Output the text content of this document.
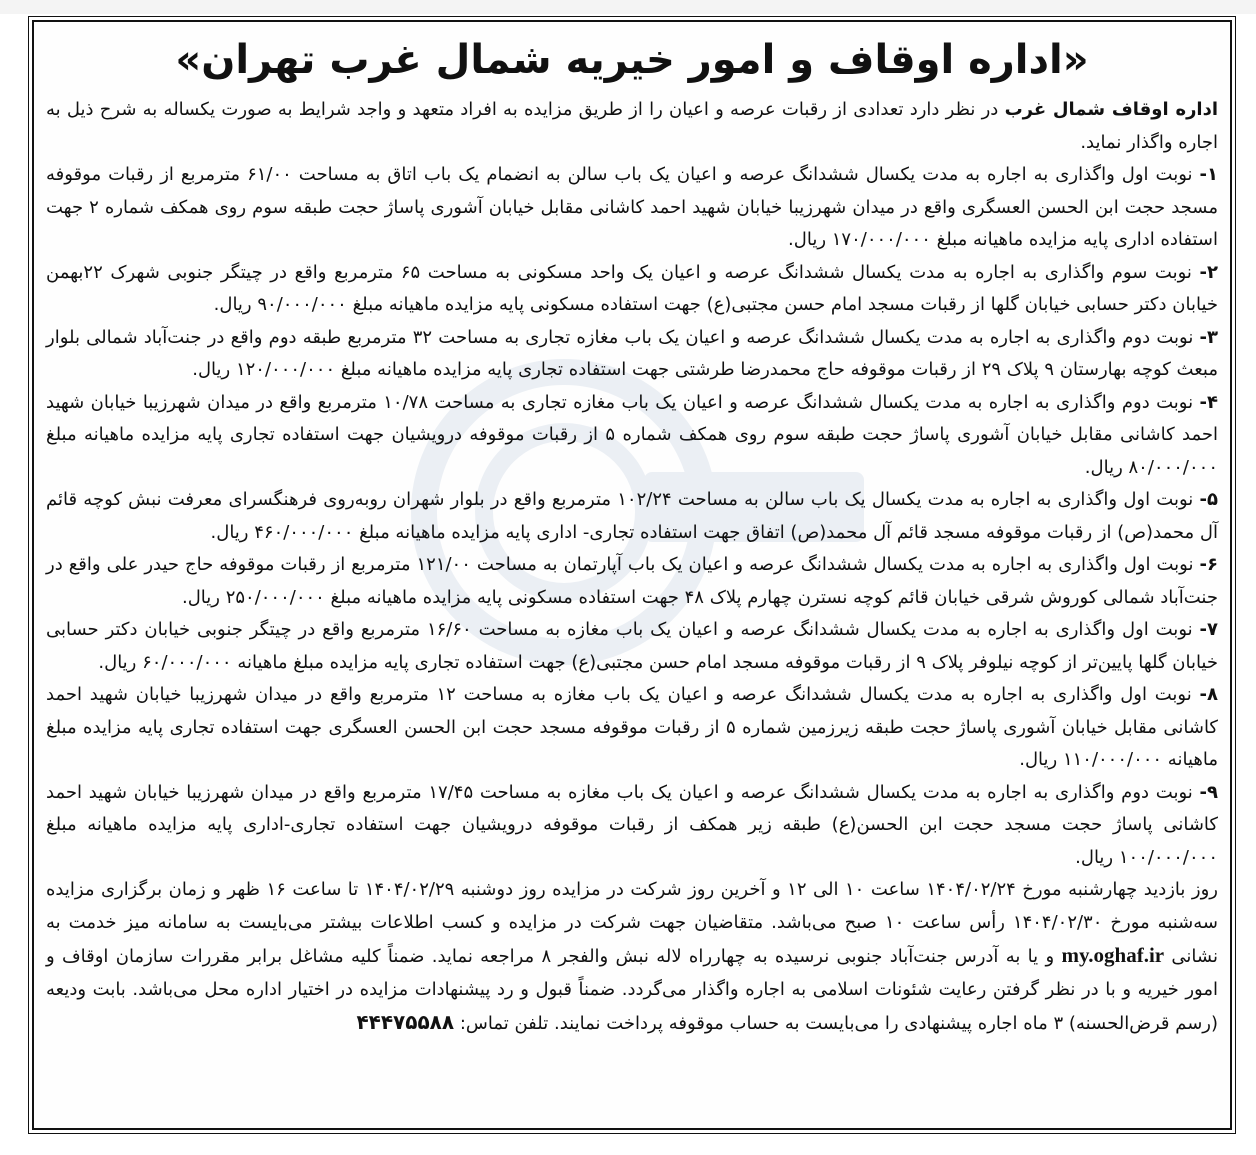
«اداره اوقاف و امور خیریه شمال غرب تهران»

اداره اوقاف شمال غرب در نظر دارد تعدادی از رقبات عرصه و اعیان را از طریق مزایده به افراد متعهد و واجد شرایط به صورت یکساله به شرح ذیل به اجاره واگذار نماید.

۱- نوبت اول واگذاری به اجاره به مدت یکسال ششدانگ عرصه و اعیان یک باب سالن به انضمام یک باب اتاق به مساحت ۶۱/۰۰ مترمربع از رقبات موقوفه مسجد حجت ابن الحسن العسگری واقع در میدان شهرزیبا خیابان شهید احمد کاشانی مقابل خیابان آشوری پاساژ حجت طبقه سوم روی همکف شماره ۲ جهت استفاده اداری پایه مزایده ماهیانه مبلغ ۱۷۰/۰۰۰/۰۰۰ ریال.

۲- نوبت سوم واگذاری به اجاره به مدت یکسال ششدانگ عرصه و اعیان یک واحد مسکونی به مساحت ۶۵ مترمربع واقع در چیتگر جنوبی شهرک ۲۲بهمن خیابان دکتر حسابی خیابان گلها از رقبات مسجد امام حسن مجتبی(ع) جهت استفاده مسکونی پایه مزایده ماهیانه مبلغ ۹۰/۰۰۰/۰۰۰ ریال.

۳- نوبت دوم واگذاری به اجاره به مدت یکسال ششدانگ عرصه و اعیان یک باب مغازه تجاری به مساحت ۳۲ مترمربع طبقه دوم واقع در جنت‌آباد شمالی بلوار مبعث کوچه بهارستان ۹ پلاک ۲۹ از رقبات موقوفه حاج محمدرضا طرشتی جهت استفاده تجاری پایه مزایده ماهیانه مبلغ ۱۲۰/۰۰۰/۰۰۰ ریال.

۴- نوبت دوم واگذاری به اجاره به مدت یکسال ششدانگ عرصه و اعیان یک باب مغازه تجاری به مساحت ۱۰/۷۸ مترمربع واقع در میدان شهرزیبا خیابان شهید احمد کاشانی مقابل خیابان آشوری پاساژ حجت طبقه سوم روی همکف شماره ۵ از رقبات موقوفه درویشیان جهت استفاده تجاری پایه مزایده ماهیانه مبلغ ۸۰/۰۰۰/۰۰۰ ریال.

۵- نوبت اول واگذاری به اجاره به مدت یکسال یک باب سالن به مساحت ۱۰۲/۲۴ مترمربع واقع در بلوار شهران روبه‌روی فرهنگسرای معرفت نبش کوچه قائم آل محمد(ص) از رقبات موقوفه مسجد قائم آل محمد(ص) اتفاق جهت استفاده تجاری- اداری پایه مزایده ماهیانه مبلغ ۴۶۰/۰۰۰/۰۰۰ ریال.

۶- نوبت اول واگذاری به اجاره به مدت یکسال ششدانگ عرصه و اعیان یک باب آپارتمان به مساحت ۱۲۱/۰۰ مترمربع از رقبات موقوفه حاج حیدر علی واقع در جنت‌آباد شمالی کوروش شرقی خیابان قائم کوچه نسترن چهارم پلاک ۴۸ جهت استفاده مسکونی پایه مزایده ماهیانه مبلغ ۲۵۰/۰۰۰/۰۰۰ ریال.

۷- نوبت اول واگذاری به اجاره به مدت یکسال ششدانگ عرصه و اعیان یک باب مغازه به مساحت ۱۶/۶۰ مترمربع واقع در چیتگر جنوبی خیابان دکتر حسابی خیابان گلها پایین‌تر از کوچه نیلوفر پلاک ۹ از رقبات موقوفه مسجد امام حسن مجتبی(ع) جهت استفاده تجاری پایه مزایده مبلغ ماهیانه ۶۰/۰۰۰/۰۰۰ ریال.

۸- نوبت اول واگذاری به اجاره به مدت یکسال ششدانگ عرصه و اعیان یک باب مغازه به مساحت ۱۲ مترمربع واقع در میدان شهرزیبا خیابان شهید احمد کاشانی مقابل خیابان آشوری پاساژ حجت طبقه زیرزمین شماره ۵ از رقبات موقوفه مسجد حجت ابن الحسن العسگری جهت استفاده تجاری پایه مزایده مبلغ ماهیانه ۱۱۰/۰۰۰/۰۰۰ ریال.

۹- نوبت دوم واگذاری به اجاره به مدت یکسال ششدانگ عرصه و اعیان یک باب مغازه به مساحت ۱۷/۴۵ مترمربع واقع در میدان شهرزیبا خیابان شهید احمد کاشانی پاساژ حجت مسجد حجت ابن الحسن(ع) طبقه زیر همکف از رقبات موقوفه درویشیان جهت استفاده تجاری-اداری پایه مزایده ماهیانه مبلغ ۱۰۰/۰۰۰/۰۰۰ ریال.

روز بازدید چهارشنبه مورخ ۱۴۰۴/۰۲/۲۴ ساعت ۱۰ الی ۱۲ و آخرین روز شرکت در مزایده روز دوشنبه ۱۴۰۴/۰۲/۲۹ تا ساعت ۱۶ ظهر و زمان برگزاری مزایده سه‌شنبه مورخ ۱۴۰۴/۰۲/۳۰ رأس ساعت ۱۰ صبح می‌باشد. متقاضیان جهت شرکت در مزایده و کسب اطلاعات بیشتر می‌بایست به سامانه میز خدمت به نشانی my.oghaf.ir و یا به آدرس جنت‌آباد جنوبی نرسیده به چهارراه لاله نبش والفجر ۸ مراجعه نماید. ضمناً کلیه مشاغل برابر مقررات سازمان اوقاف و امور خیریه و با در نظر گرفتن رعایت شئونات اسلامی به اجاره واگذار می‌گردد. ضمناً قبول و رد پیشنهادات مزایده در اختیار اداره محل می‌باشد. بابت ودیعه (رسم قرض‌الحسنه) ۳ ماه اجاره پیشنهادی را می‌بایست به حساب موقوفه پرداخت نمایند. تلفن تماس: ۴۴۴۷۵۵۸۸
